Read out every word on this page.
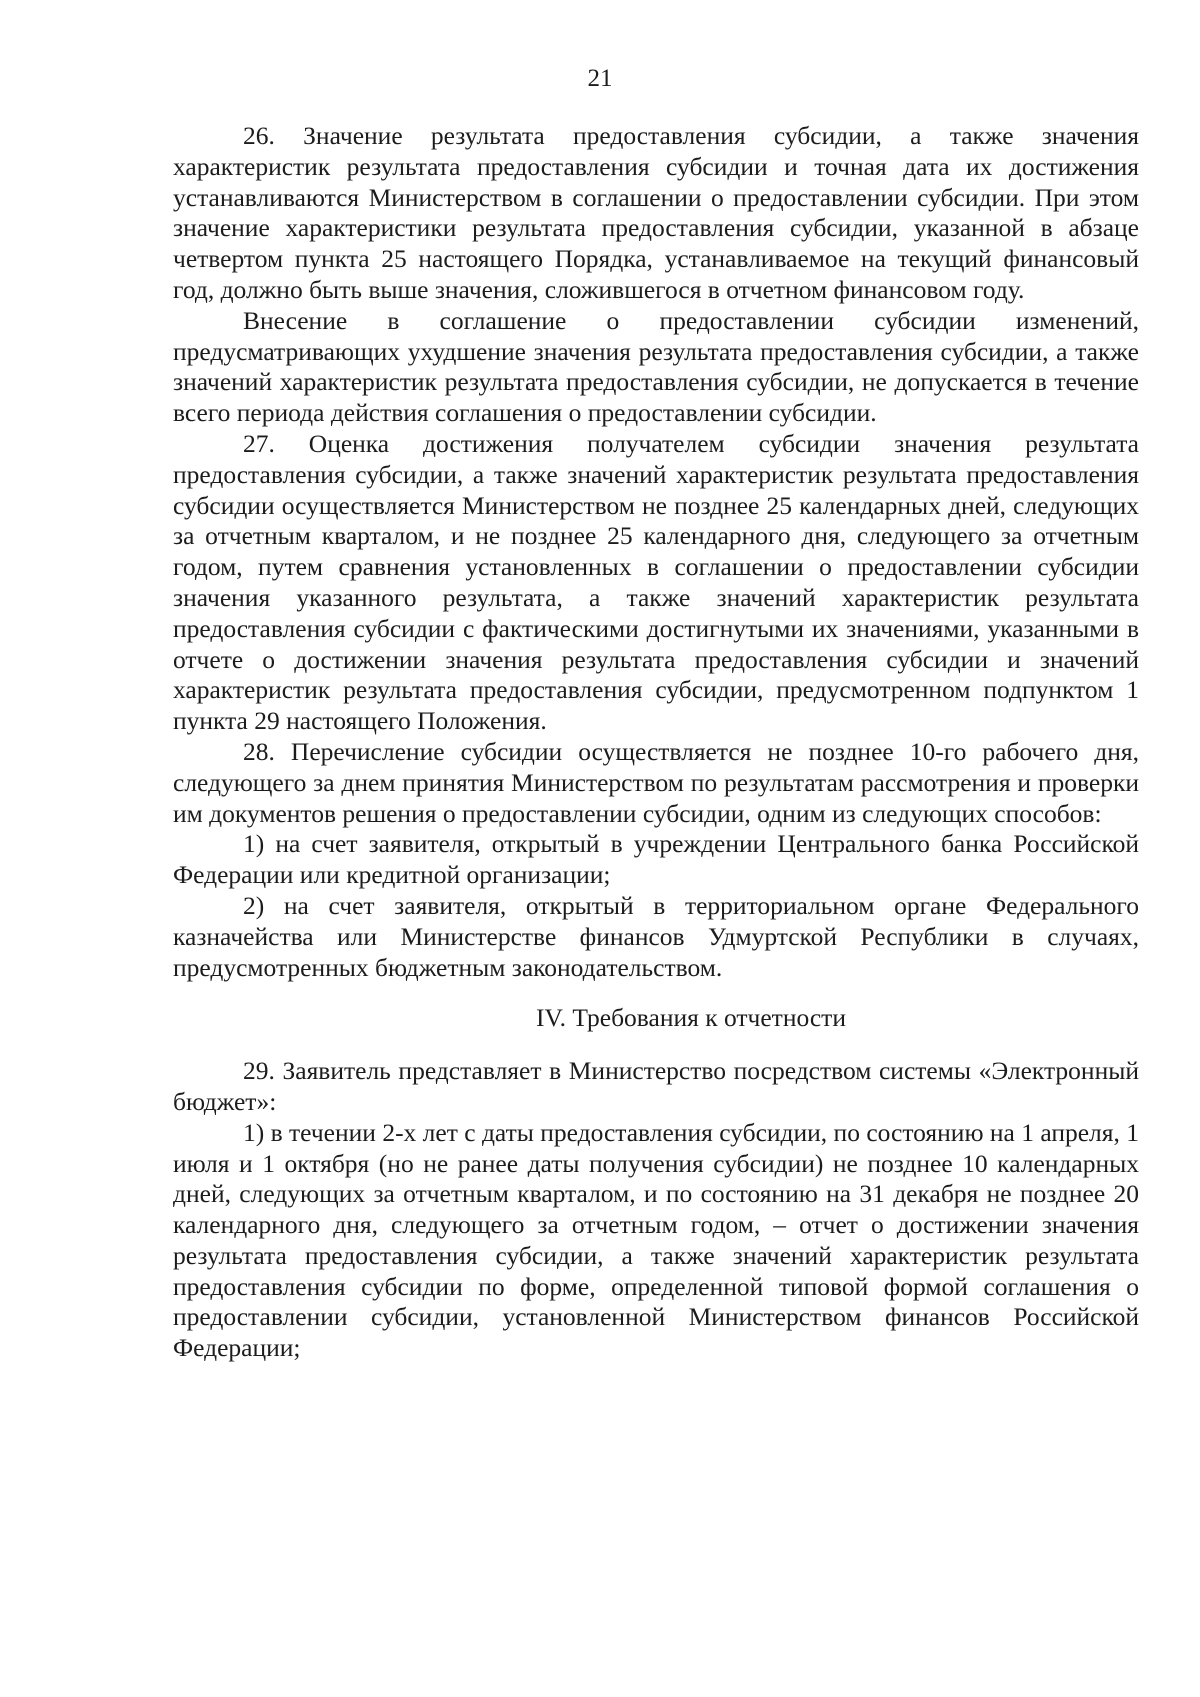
21

26. Значение результата предоставления субсидии, а также значения характеристик результата предоставления субсидии и точная дата их достижения устанавливаются Министерством в соглашении о предоставлении субсидии. При этом значение характеристики результата предоставления субсидии, указанной в абзаце четвертом пункта 25 настоящего Порядка, устанавливаемое на текущий финансовый год, должно быть выше значения, сложившегося в отчетном финансовом году.

Внесение в соглашение о предоставлении субсидии изменений, предусматривающих ухудшение значения результата предоставления субсидии, а также значений характеристик результата предоставления субсидии, не допускается в течение всего периода действия соглашения о предоставлении субсидии.

27. Оценка достижения получателем субсидии значения результата предоставления субсидии, а также значений характеристик результата предоставления субсидии осуществляется Министерством не позднее 25 календарных дней, следующих за отчетным кварталом, и не позднее 25 календарного дня, следующего за отчетным годом, путем сравнения установленных в соглашении о предоставлении субсидии значения указанного результата, а также значений характеристик результата предоставления субсидии с фактическими достигнутыми их значениями, указанными в отчете о достижении значения результата предоставления субсидии и значений характеристик результата предоставления субсидии, предусмотренном подпунктом 1 пункта 29 настоящего Положения.

28. Перечисление субсидии осуществляется не позднее 10-го рабочего дня, следующего за днем принятия Министерством по результатам рассмотрения и проверки им документов решения о предоставлении субсидии, одним из следующих способов:

1) на счет заявителя, открытый в учреждении Центрального банка Российской Федерации или кредитной организации;

2) на счет заявителя, открытый в территориальном органе Федерального казначейства или Министерстве финансов Удмуртской Республики в случаях, предусмотренных бюджетным законодательством.

IV. Требования к отчетности

29. Заявитель представляет в Министерство посредством системы «Электронный бюджет»:

1) в течении 2-х лет с даты предоставления субсидии, по состоянию на 1 апреля, 1 июля и 1 октября (но не ранее даты получения субсидии) не позднее 10 календарных дней, следующих за отчетным кварталом, и по состоянию на 31 декабря не позднее 20 календарного дня, следующего за отчетным годом, – отчет о достижении значения результата предоставления субсидии, а также значений характеристик результата предоставления субсидии по форме, определенной типовой формой соглашения о предоставлении субсидии, установленной Министерством финансов Российской Федерации;
